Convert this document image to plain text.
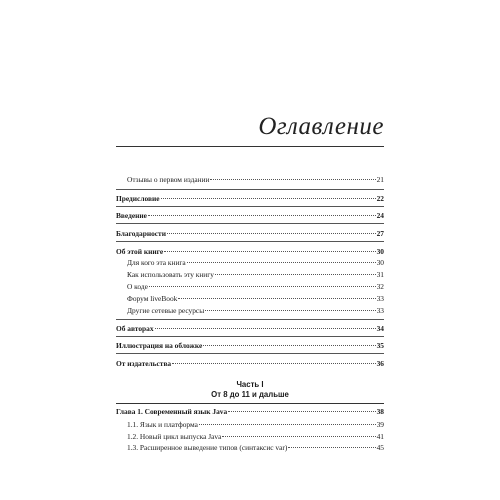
Оглавление
Отзывы о первом издании	21
Предисловие	22
Введение	24
Благодарности	27
Об этой книге	30
Для кого эта книга	30
Как использовать эту книгу	31
О коде	32
Форум liveBook	33
Другие сетевые ресурсы	33
Об авторах	34
Иллюстрация на обложке	35
От издательства	36
Часть I
От 8 до 11 и дальше
Глава 1. Современный язык Java	38
1.1. Язык и платформа	39
1.2. Новый цикл выпуска Java	41
1.3. Расширенное выведение типов (синтаксис var)	45
